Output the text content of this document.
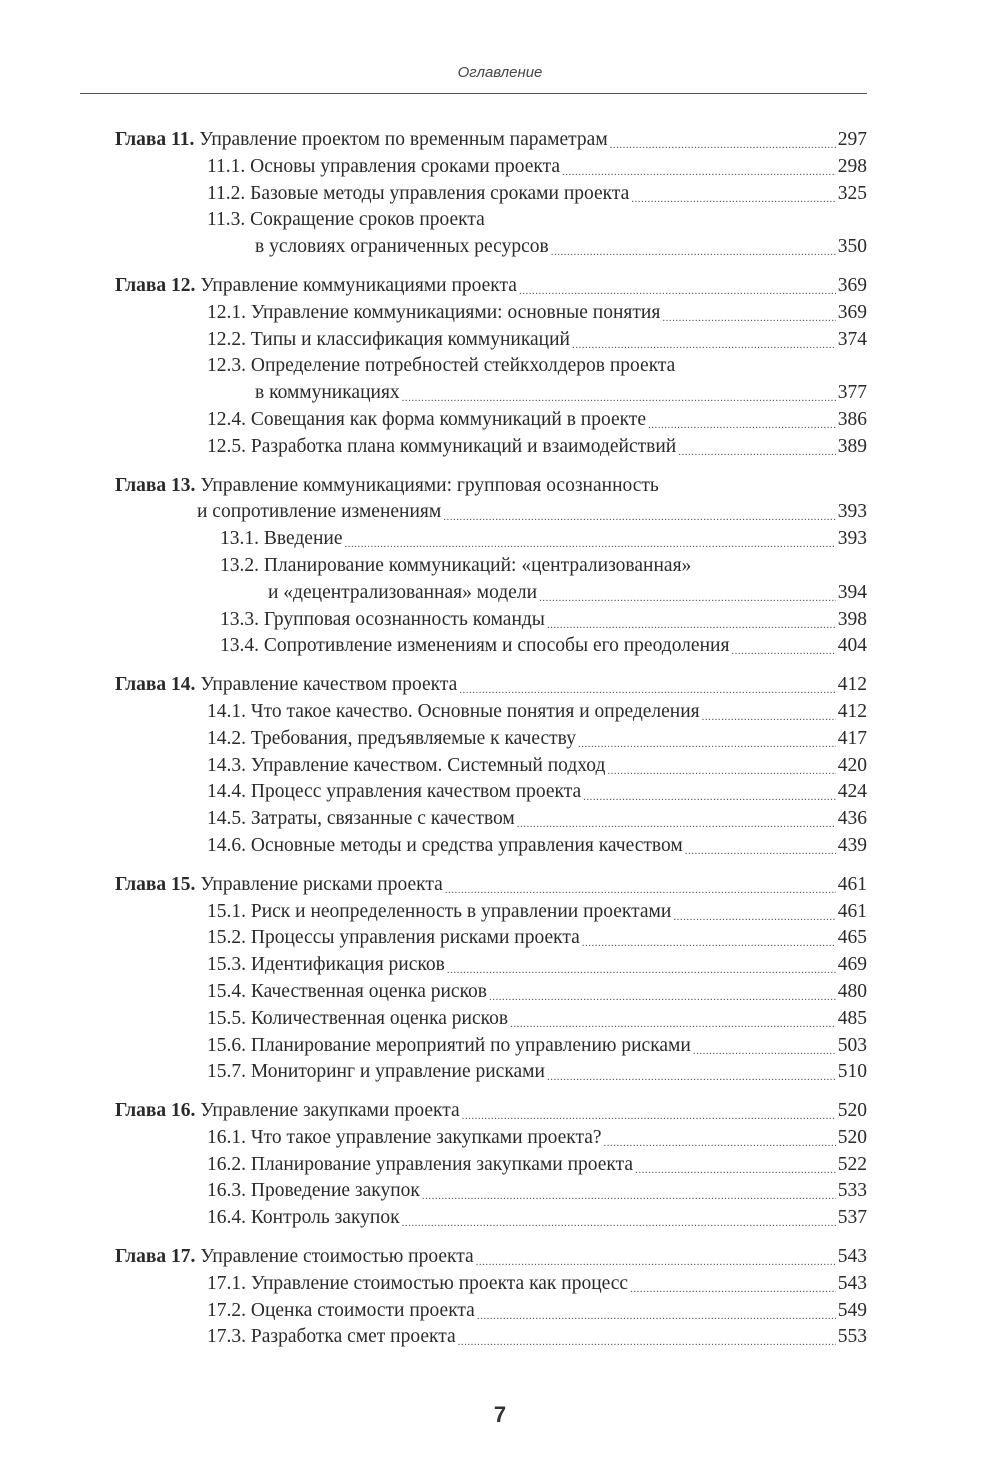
Оглавление
Глава 11. Управление проектом по временным параметрам .....	297
11.1. Основы управления сроками проекта .....	298
11.2. Базовые методы управления сроками проекта .....	325
11.3. Сокращение сроков проекта
в условиях ограниченных ресурсов .....	350
Глава 12. Управление коммуникациями проекта .....	369
12.1. Управление коммуникациями: основные понятия .....	369
12.2. Типы и классификация коммуникаций .....	374
12.3. Определение потребностей стейкхолдеров проекта
в коммуникациях .....	377
12.4. Совещания как форма коммуникаций в проекте .....	386
12.5. Разработка плана коммуникаций и взаимодействий .....	389
Глава 13. Управление коммуникациями: групповая осознанность
и сопротивление изменениям .....	393
13.1. Введение .....	393
13.2. Планирование коммуникаций: «централизованная»
и «децентрализованная» модели .....	394
13.3. Групповая осознанность команды .....	398
13.4. Сопротивление изменениям и способы его преодоления .....	404
Глава 14. Управление качеством проекта .....	412
14.1. Что такое качество. Основные понятия и определения .....	412
14.2. Требования, предъявляемые к качеству .....	417
14.3. Управление качеством. Системный подход .....	420
14.4. Процесс управления качеством проекта .....	424
14.5. Затраты, связанные с качеством .....	436
14.6. Основные методы и средства управления качеством .....	439
Глава 15. Управление рисками проекта .....	461
15.1. Риск и неопределенность в управлении проектами .....	461
15.2. Процессы управления рисками проекта .....	465
15.3. Идентификация рисков .....	469
15.4. Качественная оценка рисков .....	480
15.5. Количественная оценка рисков .....	485
15.6. Планирование мероприятий по управлению рисками .....	503
15.7. Мониторинг и управление рисками .....	510
Глава 16. Управление закупками проекта .....	520
16.1. Что такое управление закупками проекта? .....	520
16.2. Планирование управления закупками проекта .....	522
16.3. Проведение закупок .....	533
16.4. Контроль закупок .....	537
Глава 17. Управление стоимостью проекта .....	543
17.1. Управление стоимостью проекта как процесс .....	543
17.2. Оценка стоимости проекта .....	549
17.3. Разработка смет проекта .....	553
7
